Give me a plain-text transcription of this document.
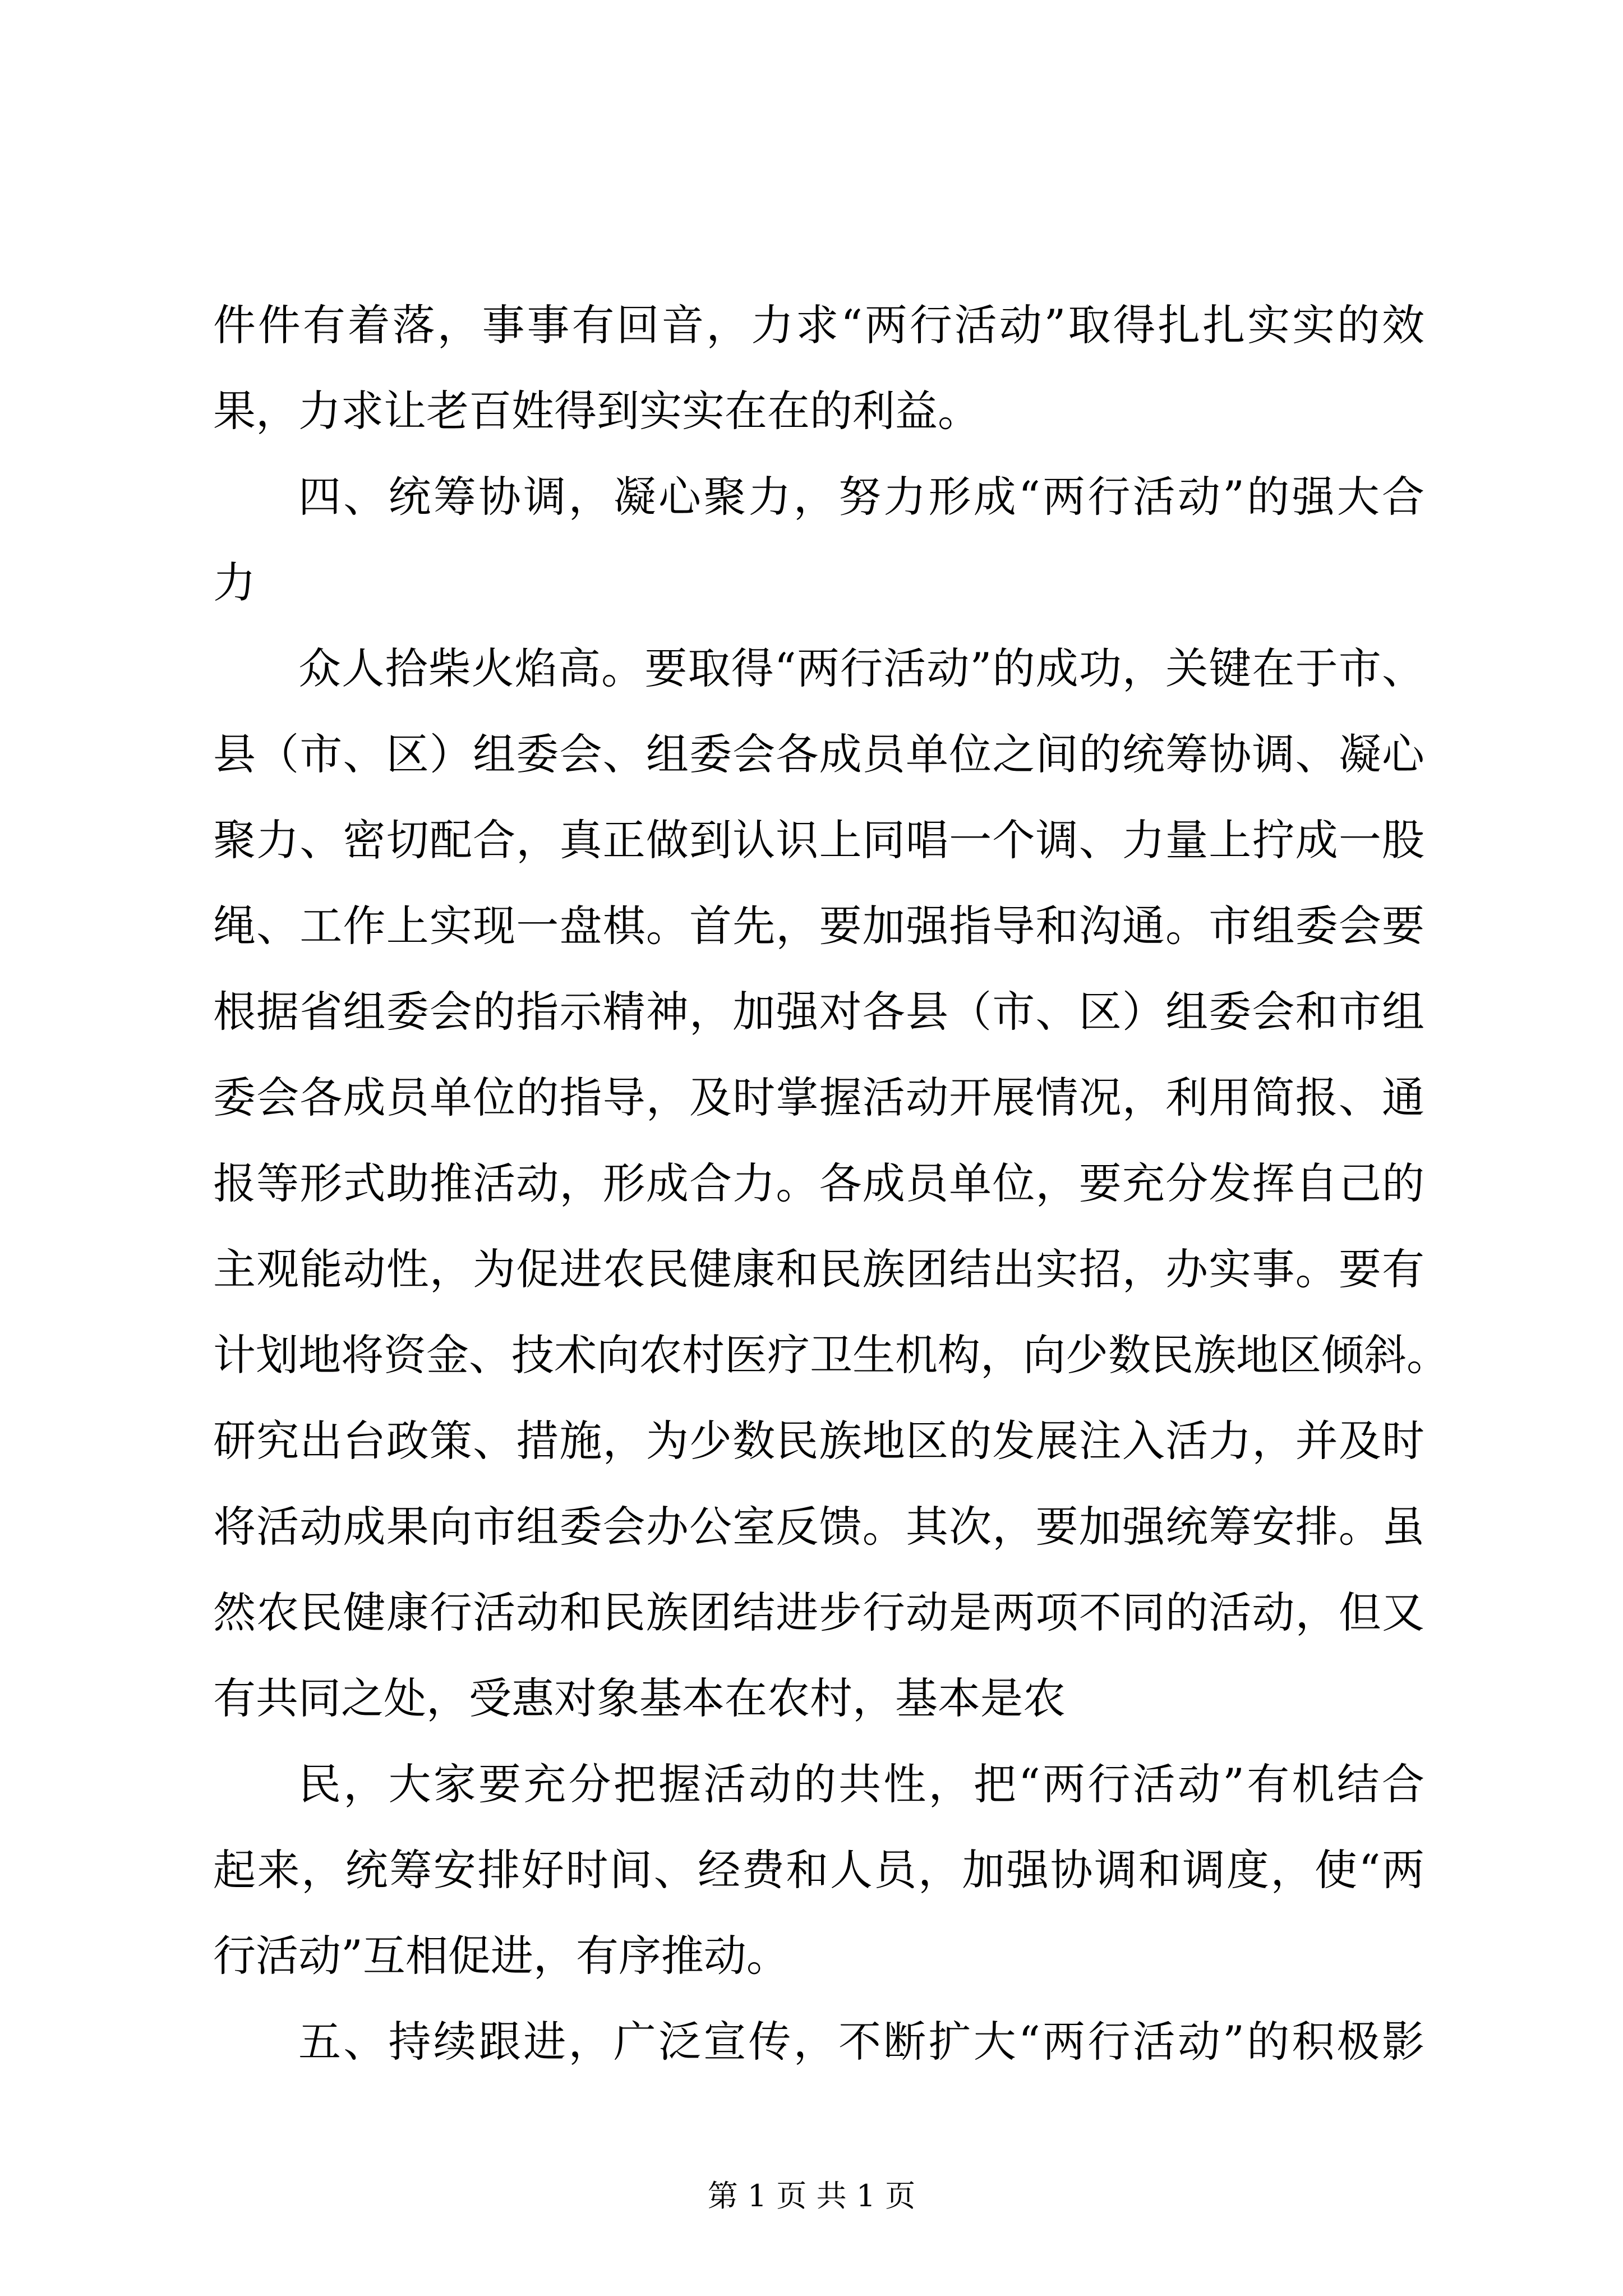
件件有着落，事事有回音，力求“两行活动”取得扎扎实实的效
果，力求让老百姓得到实实在在的利益。
四、统筹协调，凝心聚力，努力形成“两行活动”的强大合
力
众人拾柴火焰高。要取得“两行活动”的成功，关键在于市、
县（市、区）组委会、组委会各成员单位之间的统筹协调、凝心
聚力、密切配合，真正做到认识上同唱一个调、力量上拧成一股
绳、工作上实现一盘棋。首先，要加强指导和沟通。市组委会要
根据省组委会的指示精神，加强对各县（市、区）组委会和市组
委会各成员单位的指导，及时掌握活动开展情况，利用简报、通
报等形式助推活动，形成合力。各成员单位，要充分发挥自己的
主观能动性，为促进农民健康和民族团结出实招，办实事。要有
计划地将资金、技术向农村医疗卫生机构，向少数民族地区倾斜。
研究出台政策、措施，为少数民族地区的发展注入活力，并及时
将活动成果向市组委会办公室反馈。其次，要加强统筹安排。虽
然农民健康行活动和民族团结进步行动是两项不同的活动，但又
有共同之处，受惠对象基本在农村，基本是农
民，大家要充分把握活动的共性，把“两行活动”有机结合
起来，统筹安排好时间、经费和人员，加强协调和调度，使“两
行活动”互相促进，有序推动。
五、持续跟进，广泛宣传，不断扩大“两行活动”的积极影
第 1 页 共 1 页
